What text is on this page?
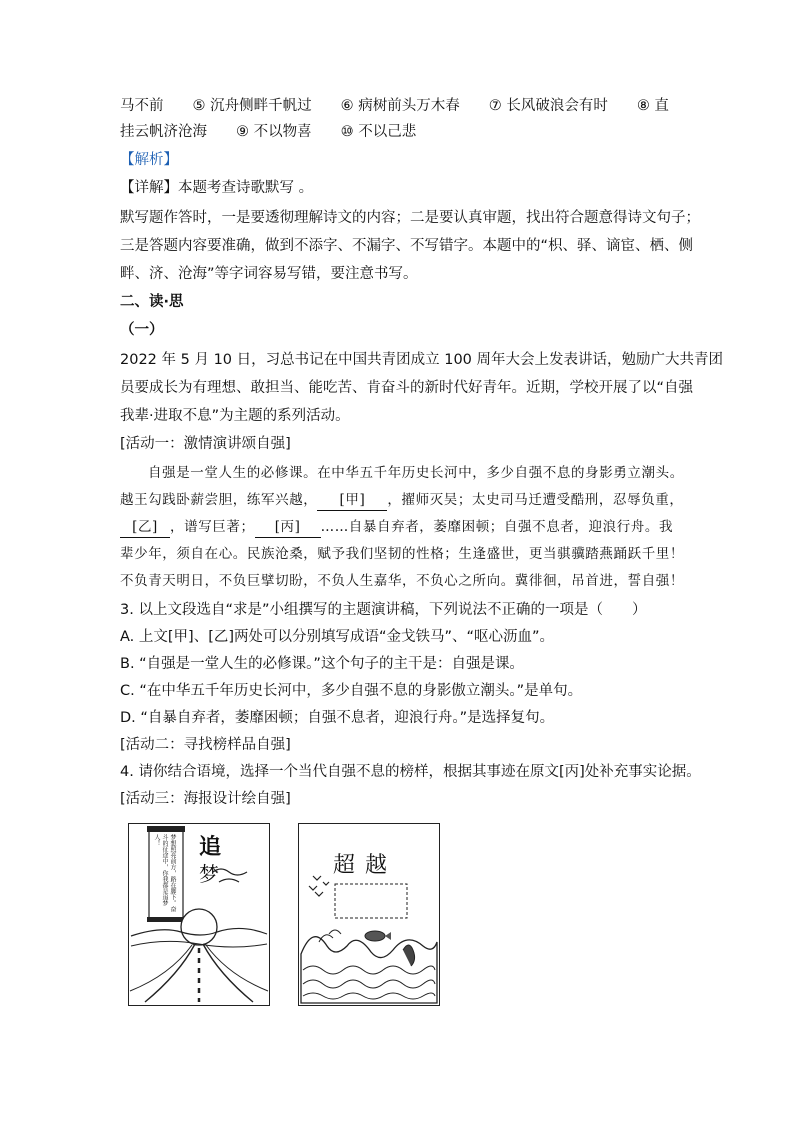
马不前　　⑤ 沉舟侧畔千帆过　　⑥ 病树前头万木春　　⑦ 长风破浪会有时　　⑧ 直
挂云帆济沧海　　⑨ 不以物喜　　⑩ 不以己悲
【解析】
【详解】本题考查诗歌默写 。
默写题作答时，一是要透彻理解诗文的内容；二是要认真审题，找出符合题意得诗文句子；
三是答题内容要准确，做到不添字、不漏字、不写错字。本题中的“枳、驿、谪宦、栖、侧
畔、济、沧海”等字词容易写错，要注意书写。
二、读·思
（一）
2022 年 5 月 10 日，习总书记在中国共青团成立 100 周年大会上发表讲话，勉励广大共青团
员要成长为有理想、敢担当、能吃苦、肯奋斗的新时代好青年。近期，学校开展了以“自强
我辈·进取不息”为主题的系列活动。
[活动一：激情演讲颂自强]
自强是一堂人生的必修课。在中华五千年历史长河中，多少自强不息的身影勇立潮头。
越王勾践卧薪尝胆，练军兴越， [甲] ，擢师灭吴；太史司马迁遭受酷刑，忍辱负重，
[乙] ，谱写巨著； [丙] ……自暴自弃者，萎靡困顿；自强不息者，迎浪行舟。我
辈少年，须自在心。民族沧桑，赋予我们坚韧的性格；生逢盛世，更当骐骥踏燕踊跃千里！
不负青天明日，不负巨擘切盼，不负人生嘉华，不负心之所向。冀徘徊，吊首进，誓自强！
3. 以上文段选自“求是”小组撰写的主题演讲稿，下列说法不正确的一项是（　　）
A. 上文[甲]、[乙]两处可以分别填写成语“金戈铁马”、“呕心沥血”。
B. “自强是一堂人生的必修课。”这个句子的主干是：自强是课。
C. “在中华五千年历史长河中，多少自强不息的身影傲立潮头。”是单句。
D. “自暴自弃者，萎靡困顿；自强不息者，迎浪行舟。”是选择复句。
[活动二：寻找榜样品自强]
4. 请你结合语境，选择一个当代自强不息的榜样，根据其事迹在原文[丙]处补充事实论据。
[活动三：海报设计绘自强]
梦想照亮前方，路在脚下。奋斗的征途中，你我都是追梦人！	追
梦	超越
